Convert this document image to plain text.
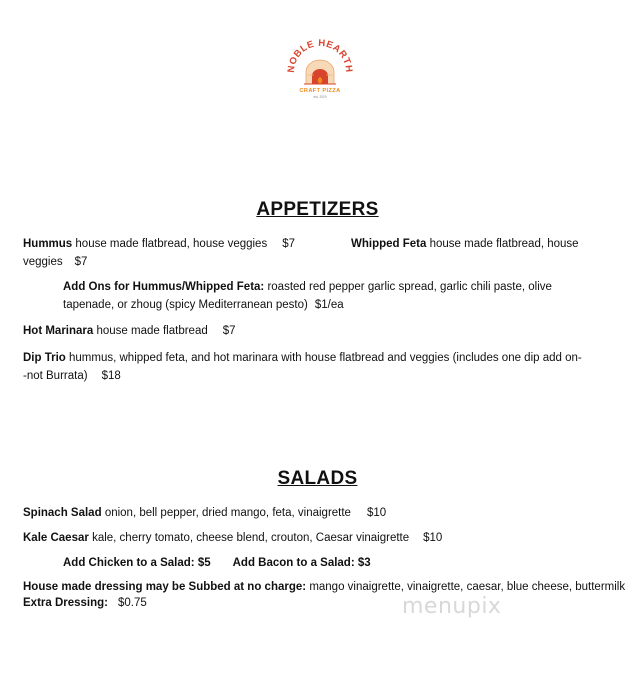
NOBLE HEARTH
CRAFT PIZZA
est. 2019
APPETIZERS
Hummus house made flatbread, house veggies $7	Whipped Feta house made flatbread, house
veggies $7
Add Ons for Hummus/Whipped Feta: roasted red pepper garlic spread, garlic chili paste, olive
tapenade, or zhoug (spicy Mediterranean pesto) $1/ea
Hot Marinara house made flatbread $7
Dip Trio hummus, whipped feta, and hot marinara with house flatbread and veggies (includes one dip add on-
-not Burrata) $18
SALADS
Spinach Salad onion, bell pepper, dried mango, feta, vinaigrette $10
Kale Caesar kale, cherry tomato, cheese blend, crouton, Caesar vinaigrette $10
Add Chicken to a Salad: $5 Add Bacon to a Salad: $3
House made dressing may be Subbed at no charge: mango vinaigrette, vinaigrette, caesar, blue cheese, buttermilk
Extra Dressing: $0.75	menupix
